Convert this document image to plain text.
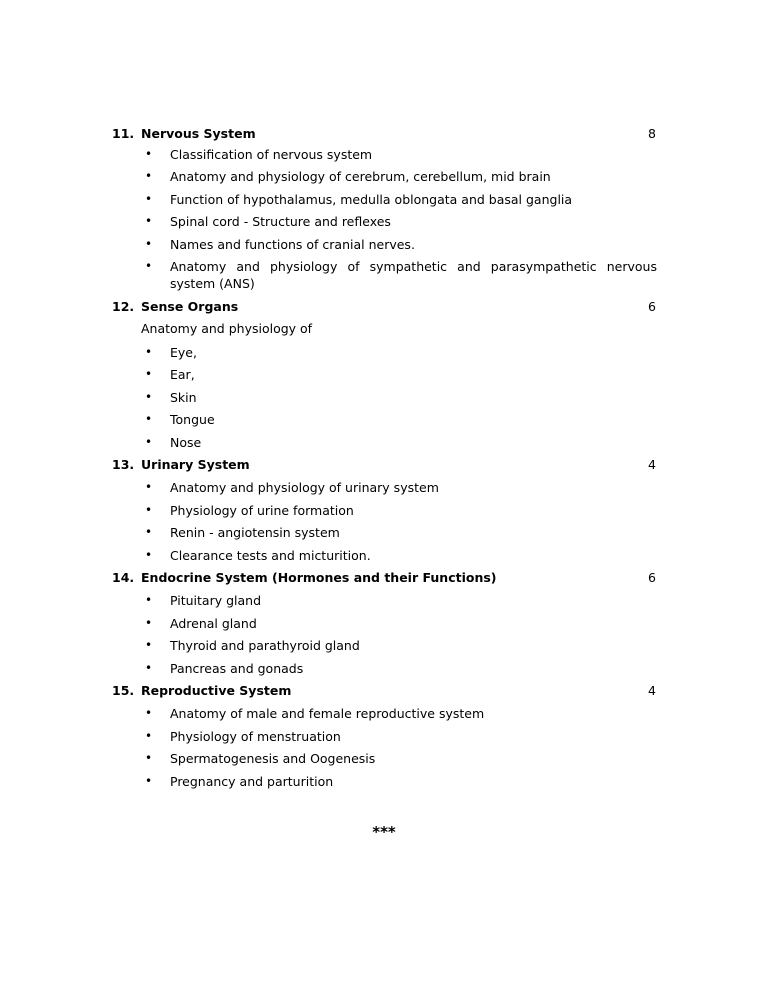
11. Nervous System	8
• Classification of nervous system
• Anatomy and physiology of cerebrum, cerebellum, mid brain
• Function of hypothalamus, medulla oblongata and basal ganglia
• Spinal cord - Structure and reflexes
• Names and functions of cranial nerves.
• Anatomy and physiology of sympathetic and parasympathetic nervous system (ANS)
12. Sense Organs	6
Anatomy and physiology of
• Eye,
• Ear,
• Skin
• Tongue
• Nose
13. Urinary System	4
• Anatomy and physiology of urinary system
• Physiology of urine formation
• Renin - angiotensin system
• Clearance tests and micturition.
14. Endocrine System (Hormones and their Functions)	6
• Pituitary gland
• Adrenal gland
• Thyroid and parathyroid gland
• Pancreas and gonads
15. Reproductive System	4
• Anatomy of male and female reproductive system
• Physiology of menstruation
• Spermatogenesis and Oogenesis
• Pregnancy and parturition
***
